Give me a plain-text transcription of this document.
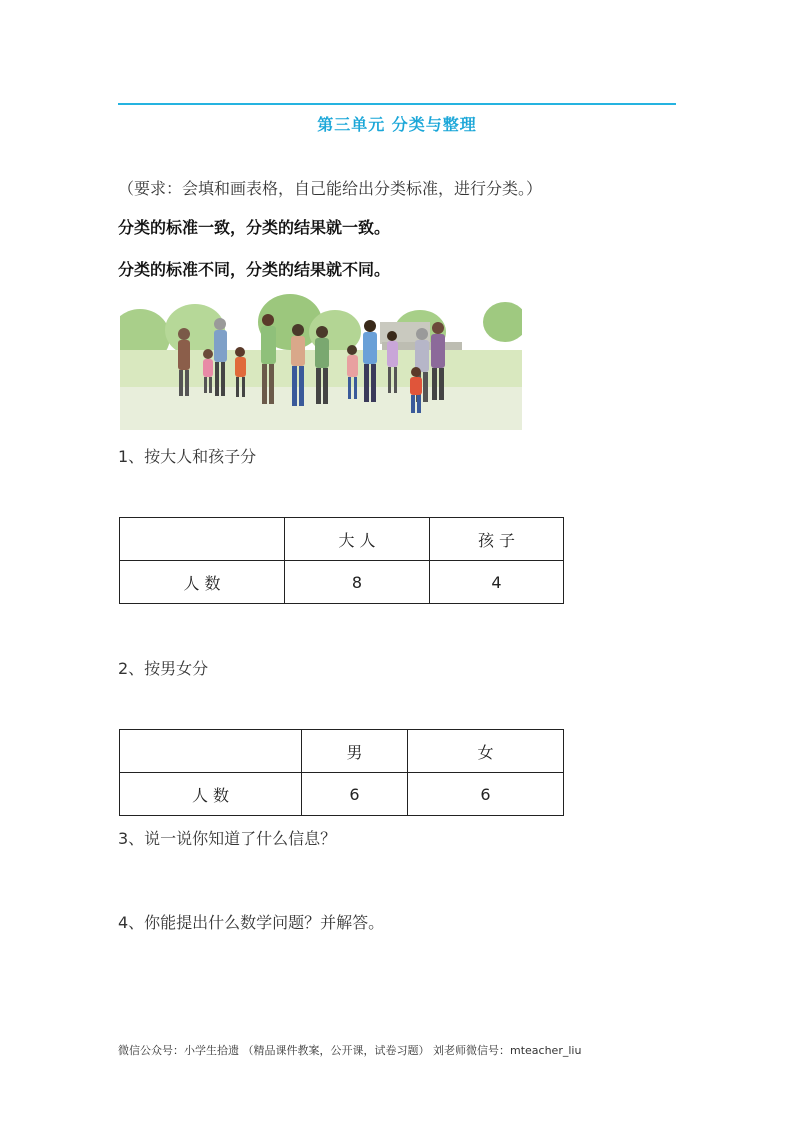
第三单元 分类与整理
（要求：会填和画表格，自己能给出分类标准，进行分类。）
分类的标准一致，分类的结果就一致。
分类的标准不同，分类的结果就不同。
1、按大人和孩子分
	大 人	孩 子
人 数	8	4
2、按男女分
	男	女
人 数	6	6
3、说一说你知道了什么信息？
4、你能提出什么数学问题？并解答。
微信公众号：小学生拾遗 （精品课件教案，公开课，试卷习题） 刘老师微信号：mteacher_liu
